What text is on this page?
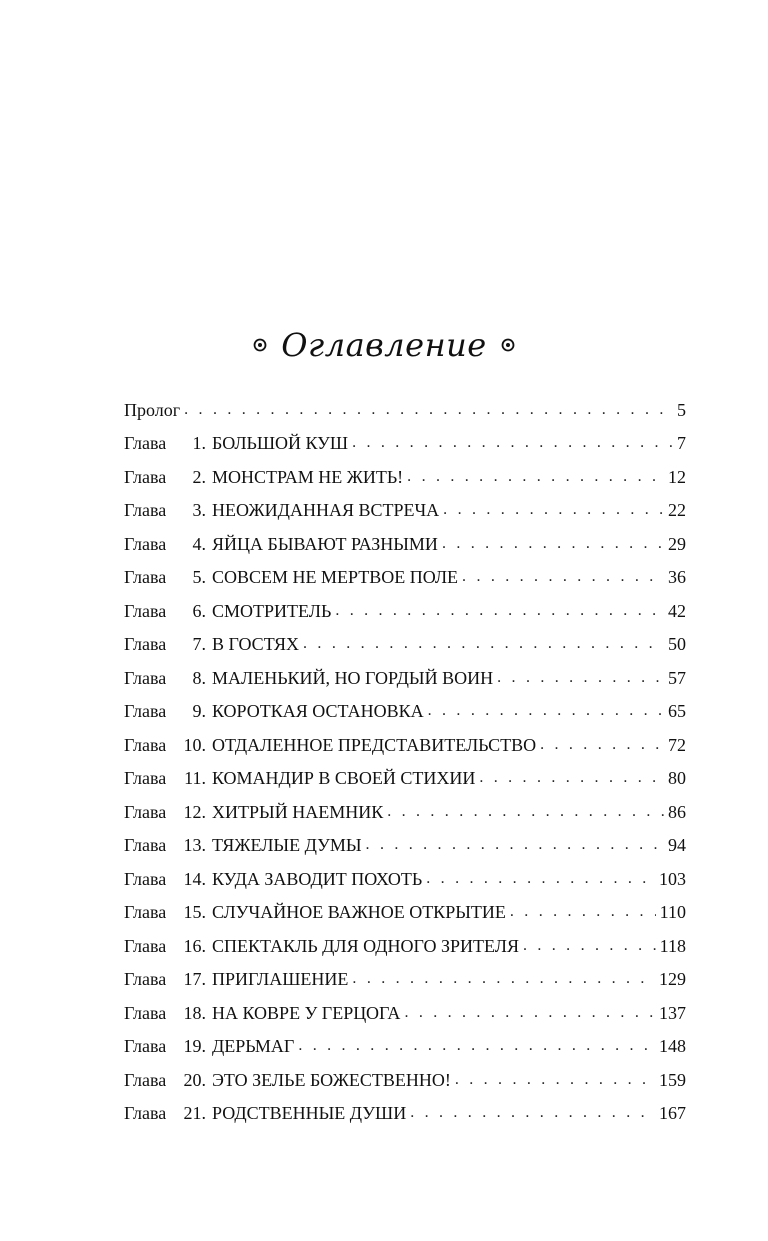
Оглавление
Пролог . . .	5
Глава	1. БОЛЬШОЙ КУШ . . .	7
Глава	2. МОНСТРАМ НЕ ЖИТЬ! . . .	12
Глава	3. НЕОЖИДАННАЯ ВСТРЕЧА . . .	22
Глава	4. ЯЙЦА БЫВАЮТ РАЗНЫМИ . . .	29
Глава	5. СОВСЕМ НЕ МЕРТВОЕ ПОЛЕ . . .	36
Глава	6. СМОТРИТЕЛЬ . . .	42
Глава	7. В ГОСТЯХ . . .	50
Глава	8. МАЛЕНЬКИЙ, НО ГОРДЫЙ ВОИН . . .	57
Глава	9. КОРОТКАЯ ОСТАНОВКА . . .	65
Глава 10. ОТДАЛЕННОЕ ПРЕДСТАВИТЕЛЬСТВО . . .	72
Глава 11. КОМАНДИР В СВОЕЙ СТИХИИ . . .	80
Глава 12. ХИТРЫЙ НАЕМНИК . . .	86
Глава 13. ТЯЖЕЛЫЕ ДУМЫ . . .	94
Глава 14. КУДА ЗАВОДИТ ПОХОТЬ . . .	103
Глава 15. СЛУЧАЙНОЕ ВАЖНОЕ ОТКРЫТИЕ . . .	110
Глава 16. СПЕКТАКЛЬ ДЛЯ ОДНОГО ЗРИТЕЛЯ . . .	118
Глава 17. ПРИГЛАШЕНИЕ . . .	129
Глава 18. НА КОВРЕ У ГЕРЦОГА . . .	137
Глава 19. ДЕРЬМАГ . . .	148
Глава 20. ЭТО ЗЕЛЬЕ БОЖЕСТВЕННО! . . .	159
Глава 21. РОДСТВЕННЫЕ ДУШИ . . .	167
